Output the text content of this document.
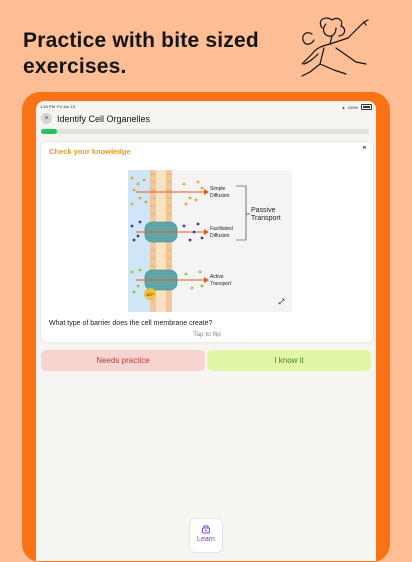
Practice with bite sized
exercises.
1:15 PM Fri Jun 13	● 100%
× Identify Cell Organelles
Check your knowledge	⚑
ATP
Simple
Diffusion
Facilitated
Diffusion
Active
Transport
Passive
Transport
What type of barrier does the cell membrane create?
Tap to flip
Needs practice	I know it
Learn
